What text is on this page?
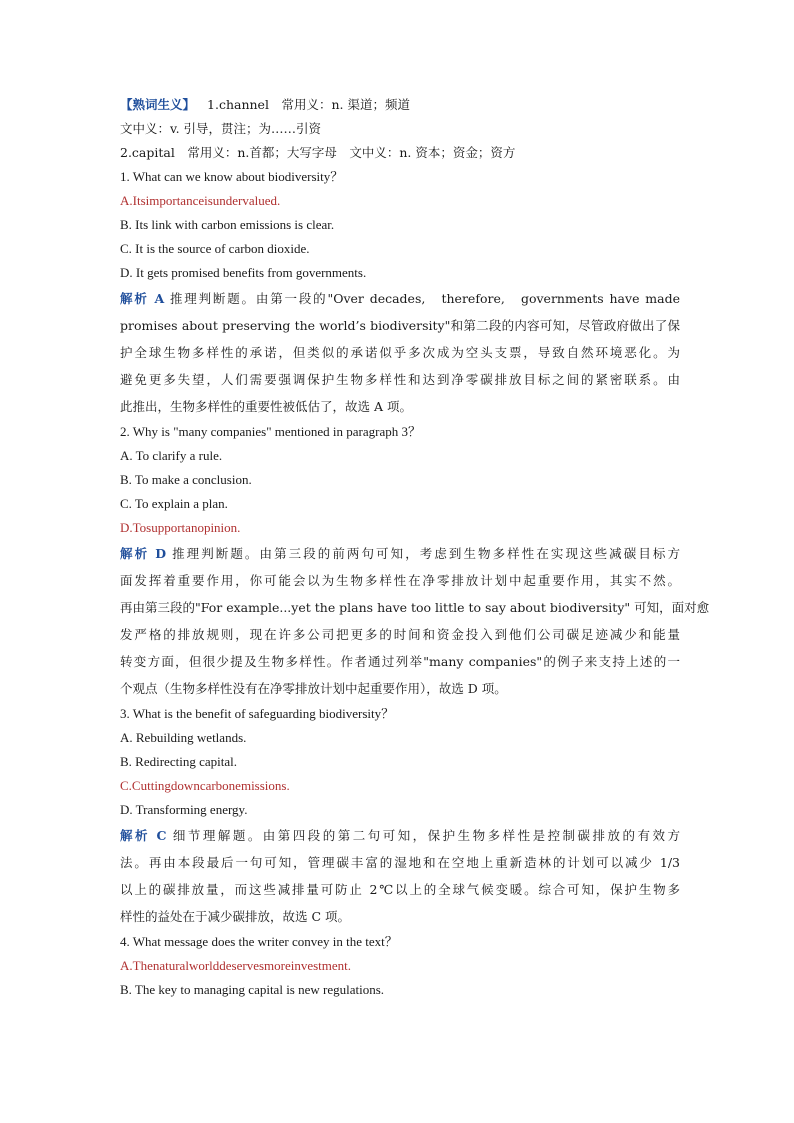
【熟词生义】 1.channel　常用义：n. 渠道；频道
文中义：v. 引导，贯注；为……引资
2.capital　常用义：n.首都；大写字母　文中义：n. 资本；资金；资方
1. What can we know about biodiversity？
A.Itsimportanceisundervalued.
B. Its link with carbon emissions is clear.
C. It is the source of carbon dioxide.
D. It gets promised benefits from governments.
解析 A 推理判断题。由第一段的"Over decades,　therefore,　governments have made
promises about preserving the world’s biodiversity"和第二段的内容可知，尽管政府做出了保
护全球生物多样性的承诺，但类似的承诺似乎多次成为空头支票，导致自然环境恶化。为
避免更多失望，人们需要强调保护生物多样性和达到净零碳排放目标之间的紧密联系。由
此推出，生物多样性的重要性被低估了，故选 A 项。
2. Why is "many companies" mentioned in paragraph 3？
A. To clarify a rule.
B. To make a conclusion.
C. To explain a plan.
D.Tosupportanopinion.
解析 D 推理判断题。由第三段的前两句可知，考虑到生物多样性在实现这些减碳目标方
面发挥着重要作用，你可能会以为生物多样性在净零排放计划中起重要作用，其实不然。
再由第三段的"For example...yet the plans have too little to say about biodiversity" 可知，面对愈
发严格的排放规则，现在许多公司把更多的时间和资金投入到他们公司碳足迹减少和能量
转变方面，但很少提及生物多样性。作者通过列举"many companies"的例子来支持上述的一
个观点（生物多样性没有在净零排放计划中起重要作用），故选 D 项。
3. What is the benefit of safeguarding biodiversity？
A. Rebuilding wetlands.
B. Redirecting capital.
C.Cuttingdowncarbonemissions.
D. Transforming energy.
解析 C 细节理解题。由第四段的第二句可知，保护生物多样性是控制碳排放的有效方
法。再由本段最后一句可知，管理碳丰富的湿地和在空地上重新造林的计划可以减少 1/3
以上的碳排放量，而这些减排量可防止 2℃以上的全球气候变暖。综合可知，保护生物多
样性的益处在于减少碳排放，故选 C 项。
4. What message does the writer convey in the text？
A.Thenaturalworlddeservesmoreinvestment.
B. The key to managing capital is new regulations.
